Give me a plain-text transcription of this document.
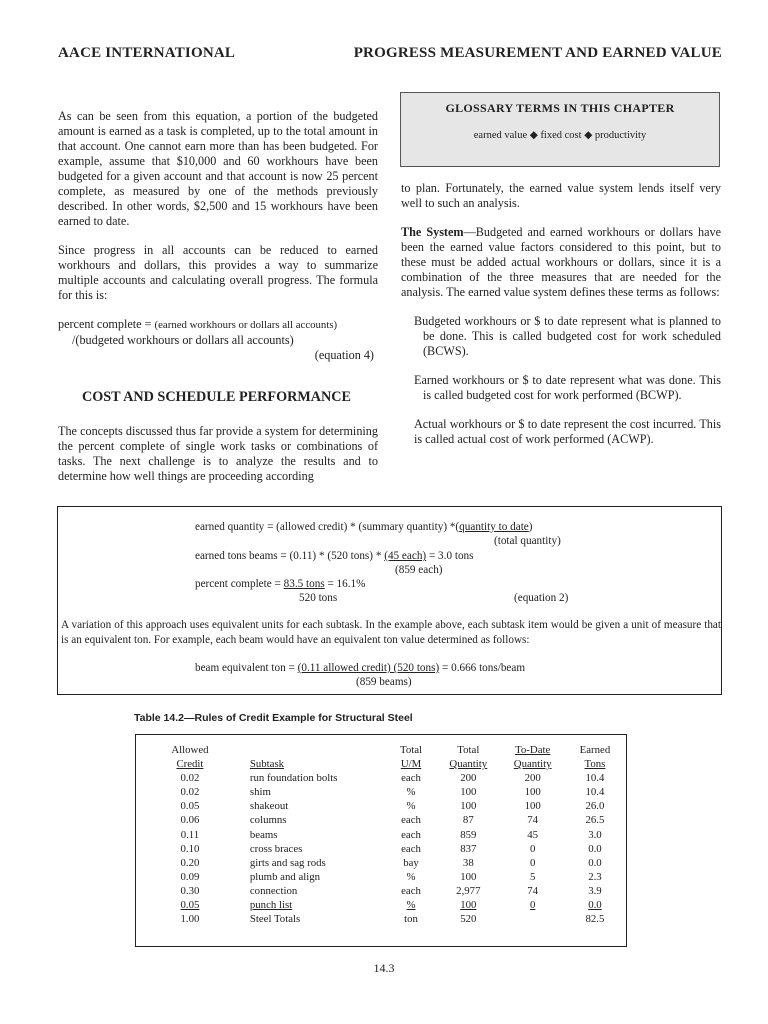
AACE INTERNATIONAL	PROGRESS MEASUREMENT AND EARNED VALUE

As can be seen from this equation, a portion of the budgeted amount is earned as a task is completed, up to the total amount in that account. One cannot earn more than has been budgeted. For example, assume that $10,000 and 60 workhours have been budgeted for a given account and that account is now 25 percent complete, as measured by one of the methods previously described. In other words, $2,500 and 15 workhours have been earned to date.

Since progress in all accounts can be reduced to earned workhours and dollars, this provides a way to summarize multiple accounts and calculating overall progress. The formula for this is:

percent complete = (earned workhours or dollars all accounts)
/(budgeted workhours or dollars all accounts)
(equation 4)
COST AND SCHEDULE PERFORMANCE

The concepts discussed thus far provide a system for determining the percent complete of single work tasks or combinations of tasks. The next challenge is to analyze the results and to determine how well things are proceeding according

GLOSSARY TERMS IN THIS CHAPTER
earned value ◆ fixed cost ◆ productivity

to plan. Fortunately, the earned value system lends itself very well to such an analysis.

The System—Budgeted and earned workhours or dollars have been the earned value factors considered to this point, but to these must be added actual workhours or dollars, since it is a combination of the three measures that are needed for the analysis. The earned value system defines these terms as follows:

Budgeted workhours or $ to date represent what is planned to be done. This is called budgeted cost for work scheduled (BCWS).

Earned workhours or $ to date represent what was done. This is called budgeted cost for work performed (BCWP).

Actual workhours or $ to date represent the cost incurred. This is called actual cost of work performed (ACWP).

earned quantity = (allowed credit) * (summary quantity) *(quantity to date)
(total quantity)
earned tons beams = (0.11) * (520 tons) * (45 each) = 3.0 tons
(859 each)
percent complete = 83.5 tons = 16.1%
520 tons	(equation 2)
A variation of this approach uses equivalent units for each subtask. In the example above, each subtask item would be given a unit of measure that is an equivalent ton. For example, each beam would have an equivalent ton value determined as follows:
beam equivalent ton = (0.11 allowed credit) (520 tons) = 0.666 tons/beam
(859 beams)
Table 14.2—Rules of Credit Example for Structural Steel
Allowed		Total	Total	To-Date	Earned
Credit	Subtask	U/M	Quantity	Quantity	Tons
0.02	run foundation bolts	each	200	200	10.4
0.02	shim	%	100	100	10.4
0.05	shakeout	%	100	100	26.0
0.06	columns	each	87	74	26.5
0.11	beams	each	859	45	3.0
0.10	cross braces	each	837	0	0.0
0.20	girts and sag rods	bay	38	0	0.0
0.09	plumb and align	%	100	5	2.3
0.30	connection	each	2,977	74	3.9
0.05	punch list	%	100	0	0.0
1.00	Steel Totals	ton	520		82.5
14.3
